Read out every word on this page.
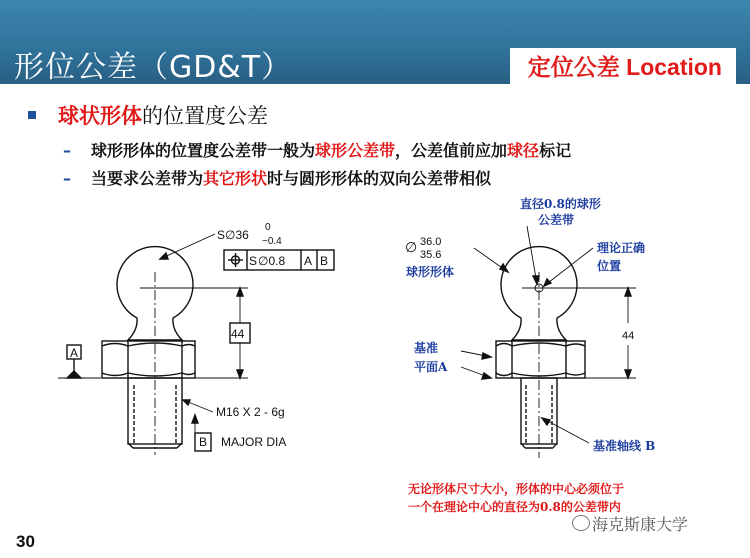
形位公差（GD&T）	定位公差 Location
球状形体的位置度公差
– 球形形体的位置度公差带一般为球形公差带，公差值前应加球径标记
– 当要求公差带为其它形状时与圆形形体的双向公差带相似
S∅36
0
−0.4
S ∅0.8 A B
44
A
M16 X 2 - 6g
B MAJOR DIA
直径0.8的球形
公差带
∅ 36.0
35.6
球形形体
理论正确
位置
44
基准
平面A
基准轴线 B
无论形体尺寸大小，形体的中心必须位于
一个在理论中心的直径为0.8的公差带内
30
海克斯康大学
